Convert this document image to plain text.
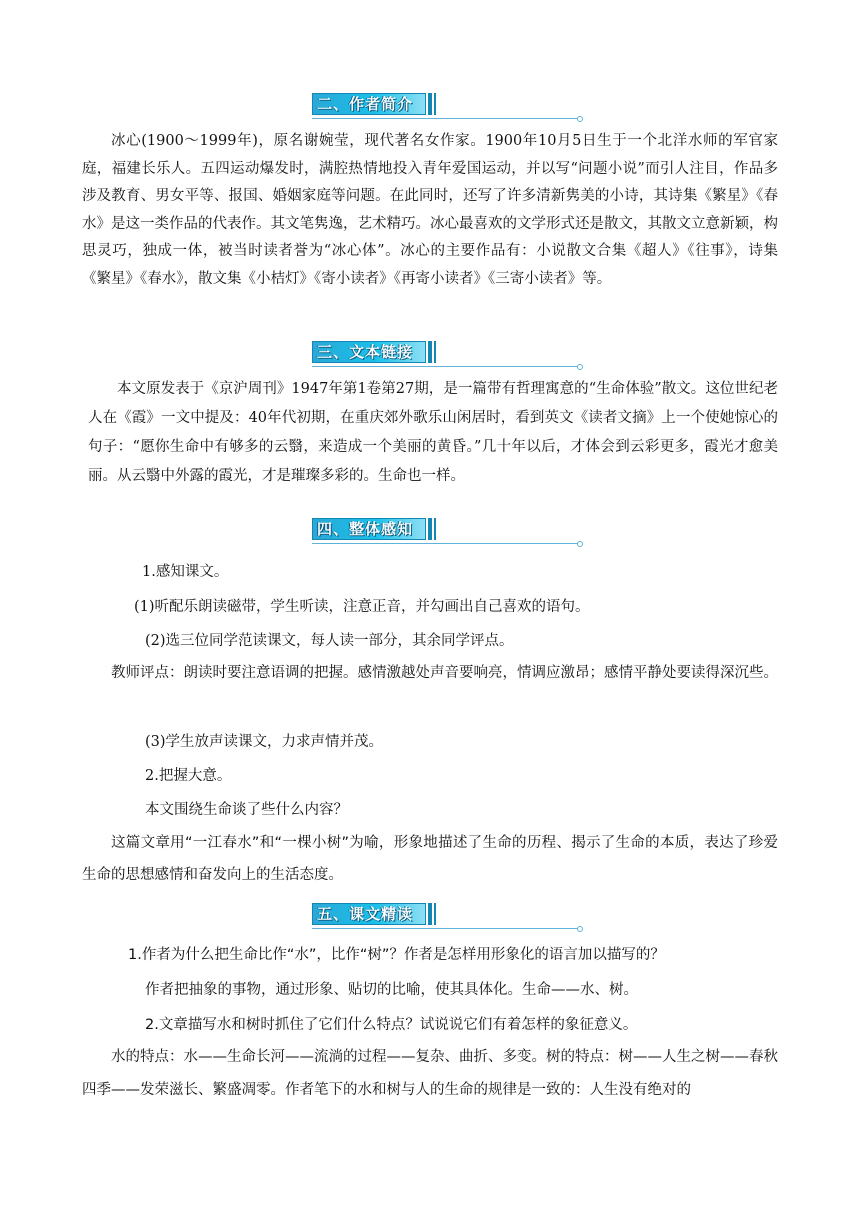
二、作者简介
冰心(1900～1999年)，原名谢婉莹，现代著名女作家。1900年10月5日生于一个北洋水师的军官家庭，福建长乐人。五四运动爆发时，满腔热情地投入青年爱国运动，并以写“问题小说”而引人注目，作品多涉及教育、男女平等、报国、婚姻家庭等问题。在此同时，还写了许多清新隽美的小诗，其诗集《繁星》《春水》是这一类作品的代表作。其文笔隽逸，艺术精巧。冰心最喜欢的文学形式还是散文，其散文立意新颖，构思灵巧，独成一体，被当时读者誉为“冰心体”。冰心的主要作品有：小说散文合集《超人》《往事》，诗集《繁星》《春水》，散文集《小桔灯》《寄小读者》《再寄小读者》《三寄小读者》等。
三、文本链接
本文原发表于《京沪周刊》1947年第1卷第27期，是一篇带有哲理寓意的“生命体验”散文。这位世纪老人在《霞》一文中提及：40年代初期，在重庆郊外歌乐山闲居时，看到英文《读者文摘》上一个使她惊心的句子：“愿你生命中有够多的云翳，来造成一个美丽的黄昏。”几十年以后，才体会到云彩更多，霞光才愈美丽。从云翳中外露的霞光，才是璀璨多彩的。生命也一样。
四、整体感知
1.感知课文。
(1)听配乐朗读磁带，学生听读，注意正音，并勾画出自己喜欢的语句。
(2)选三位同学范读课文，每人读一部分，其余同学评点。
教师评点：朗读时要注意语调的把握。感情激越处声音要响亮，情调应激昂；感情平静处要读得深沉些。
(3)学生放声读课文，力求声情并茂。
2.把握大意。
本文围绕生命谈了些什么内容？
这篇文章用“一江春水”和“一棵小树”为喻，形象地描述了生命的历程、揭示了生命的本质，表达了珍爱生命的思想感情和奋发向上的生活态度。
五、课文精读
1.作者为什么把生命比作“水”，比作“树”？作者是怎样用形象化的语言加以描写的？
作者把抽象的事物，通过形象、贴切的比喻，使其具体化。生命——水、树。
2.文章描写水和树时抓住了它们什么特点？试说说它们有着怎样的象征意义。
水的特点：水——生命长河——流淌的过程——复杂、曲折、多变。树的特点：树——人生之树——春秋四季——发荣滋长、繁盛凋零。作者笔下的水和树与人的生命的规律是一致的：人生没有绝对的
